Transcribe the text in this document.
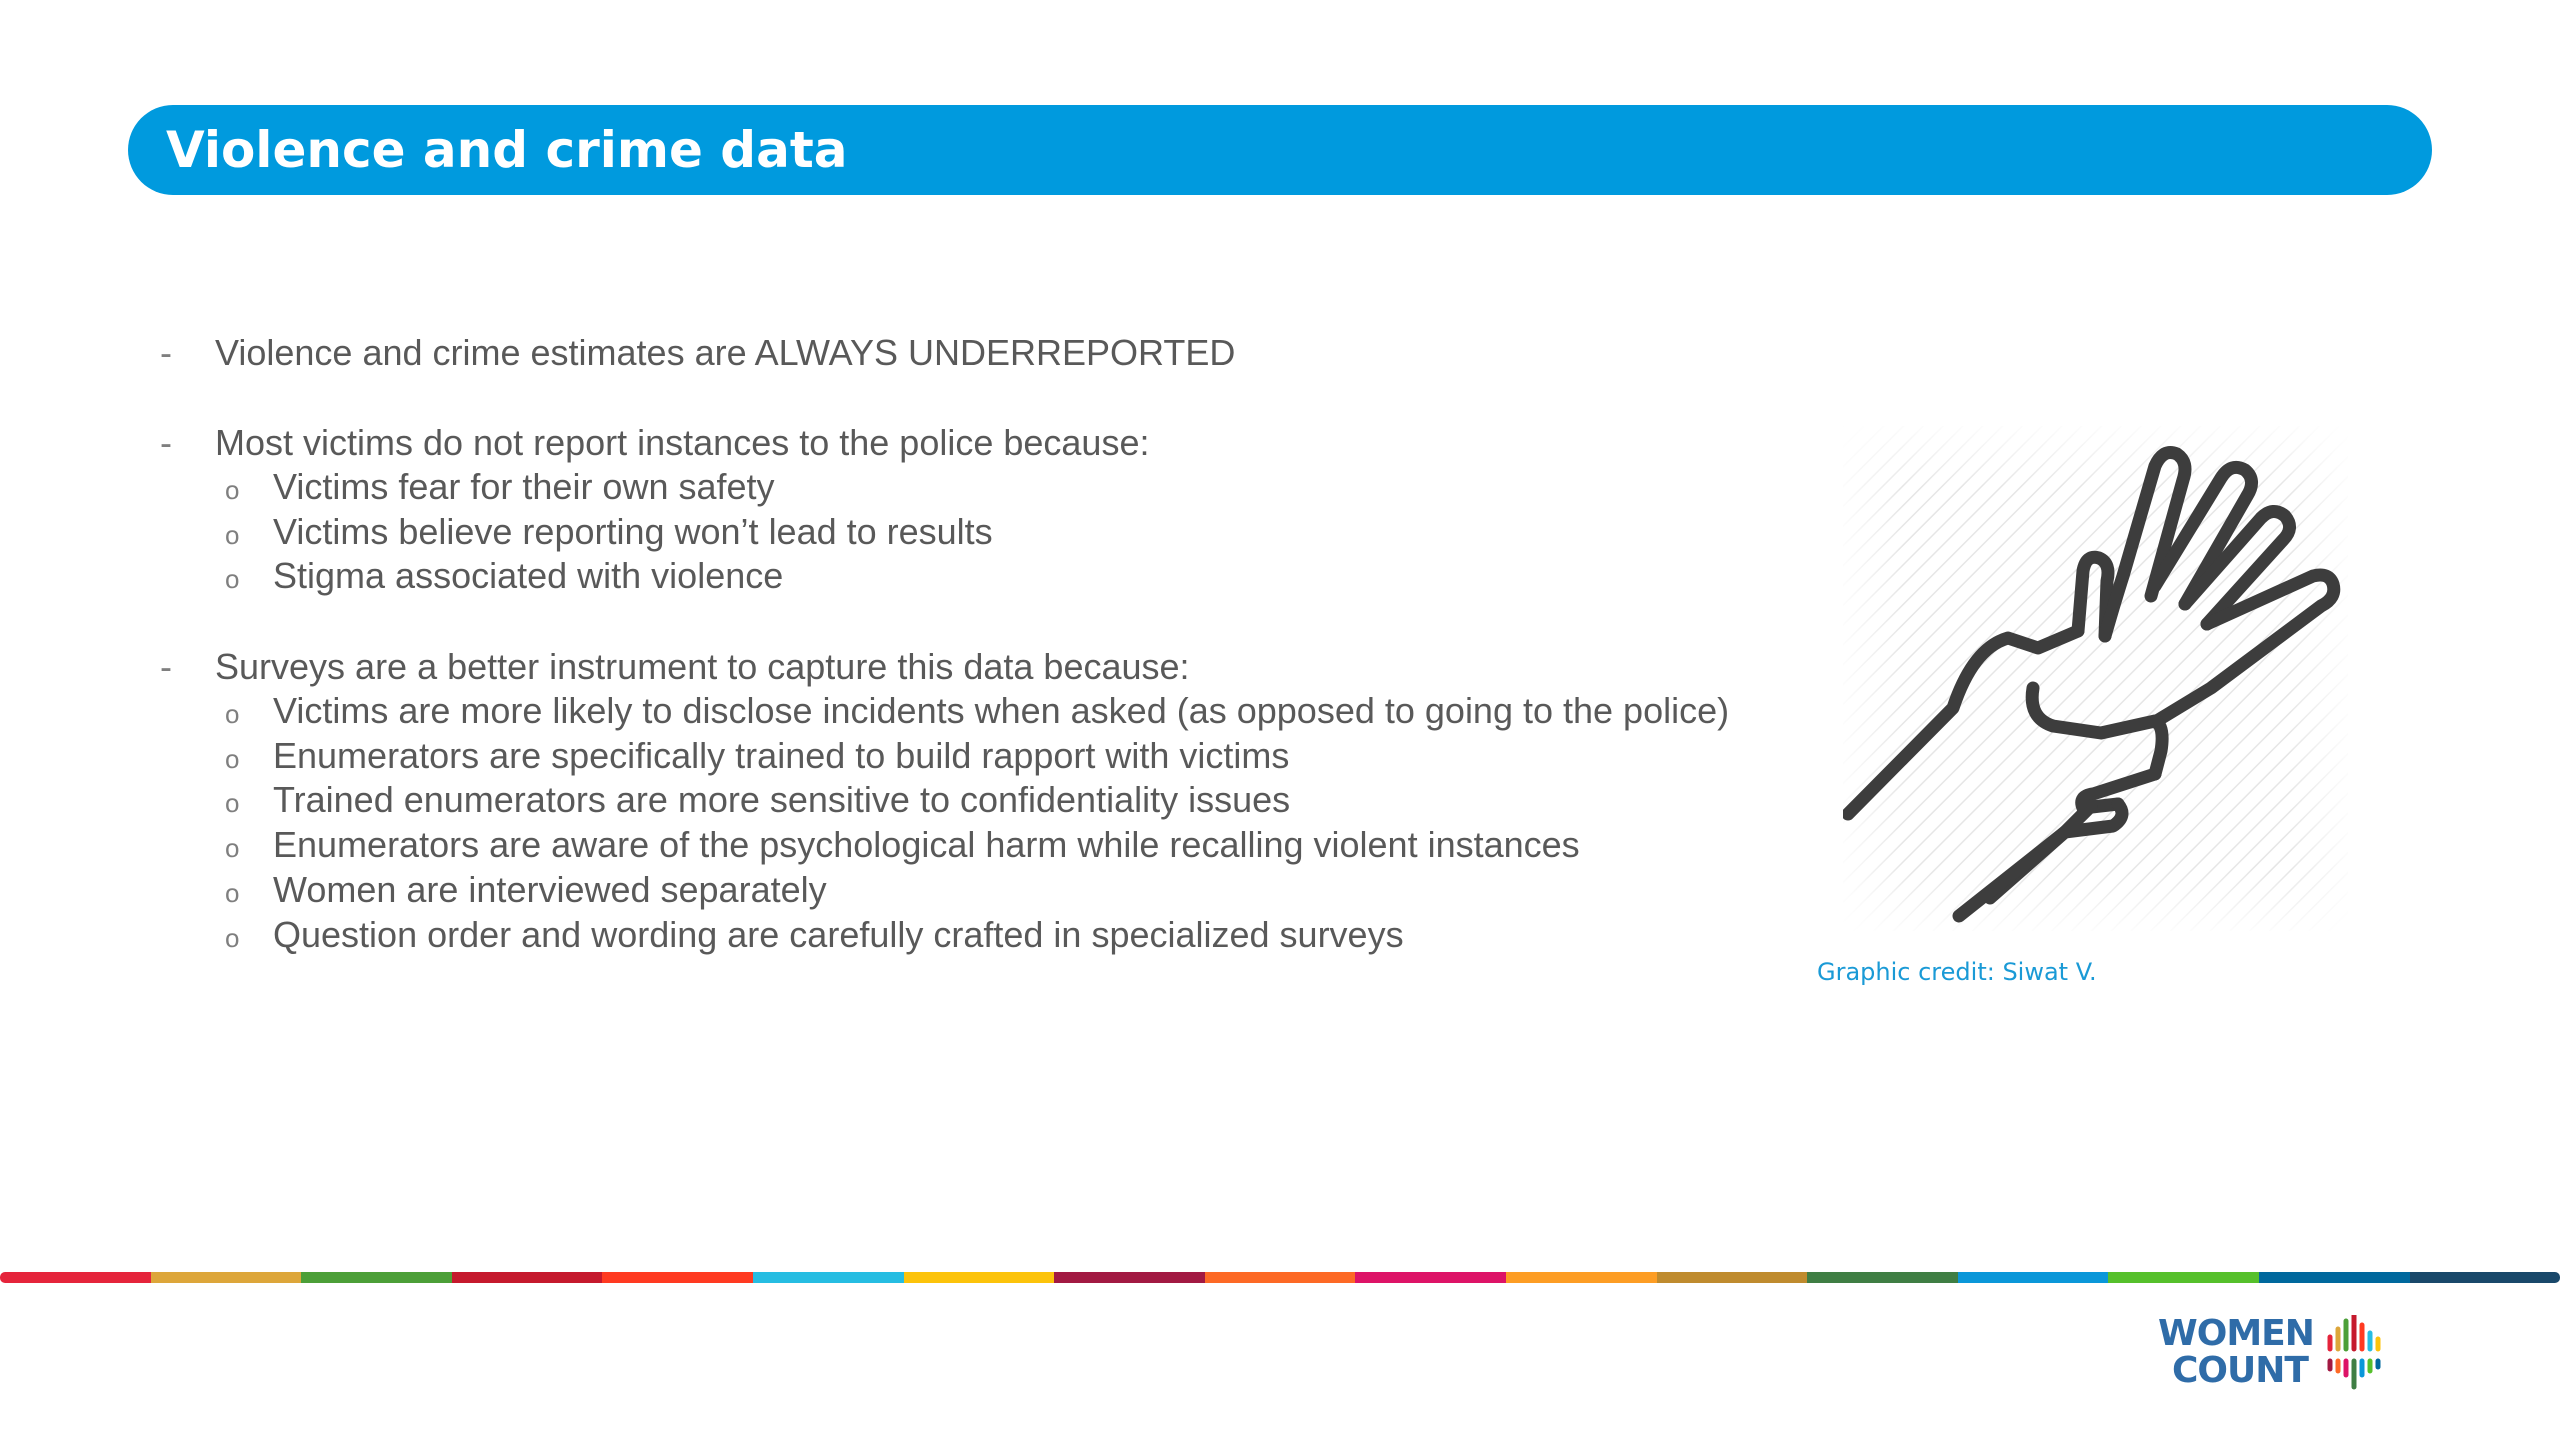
Violence and crime data
-	Violence and crime estimates are ALWAYS UNDERREPORTED
-	Most victims do not report instances to the police because:
o Victims fear for their own safety
o Victims believe reporting won’t lead to results
o Stigma associated with violence
-	Surveys are a better instrument to capture this data because:
o Victims are more likely to disclose incidents when asked (as opposed to going to the police)
o Enumerators are specifically trained to build rapport with victims
o Trained enumerators are more sensitive to confidentiality issues
o Enumerators are aware of the psychological harm while recalling violent instances
o Women are interviewed separately
o Question order and wording are carefully crafted in specialized surveys
Graphic credit: Siwat V.
WOMEN
COUNT
